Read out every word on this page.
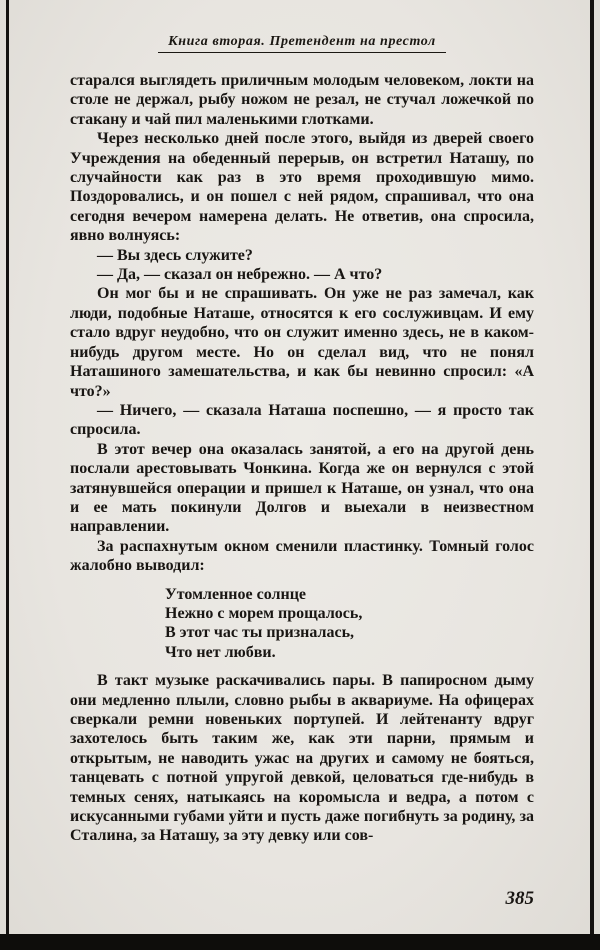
Книга вторая. Претендент на престол

старался выглядеть приличным молодым человеком, локти на столе не держал, рыбу ножом не резал, не стучал ложечкой по стакану и чай пил маленькими глотками.

Через несколько дней после этого, выйдя из дверей своего Учреждения на обеденный перерыв, он встретил Наташу, по случайности как раз в это время проходившую мимо. Поздоровались, и он пошел с ней рядом, спрашивал, что она сегодня вечером намерена делать. Не ответив, она спросила, явно волнуясь:

— Вы здесь служите?

— Да, — сказал он небрежно. — А что?

Он мог бы и не спрашивать. Он уже не раз замечал, как люди, подобные Наташе, относятся к его сослуживцам. И ему стало вдруг неудобно, что он служит именно здесь, не в каком-нибудь другом месте. Но он сделал вид, что не понял Наташиного замешательства, и как бы невинно спросил: «А что?»

— Ничего, — сказала Наташа поспешно, — я просто так спросила.

В этот вечер она оказалась занятой, а его на другой день послали арестовывать Чонкина. Когда же он вернулся с этой затянувшейся операции и пришел к Наташе, он узнал, что она и ее мать покинули Долгов и выехали в неизвестном направлении.

За распахнутым окном сменили пластинку. Томный голос жалобно выводил:

Утомленное солнце
Нежно с морем прощалось,
В этот час ты призналась,
Что нет любви.

В такт музыке раскачивались пары. В папиросном дыму они медленно плыли, словно рыбы в аквариуме. На офицерах сверкали ремни новеньких портупей. И лейтенанту вдруг захотелось быть таким же, как эти парни, прямым и открытым, не наводить ужас на других и самому не бояться, танцевать с потной упругой девкой, целоваться где-нибудь в темных сенях, натыкаясь на коромысла и ведра, а потом с искусанными губами уйти и пусть даже погибнуть за родину, за Сталина, за Наташу, за эту девку или сов-

385
